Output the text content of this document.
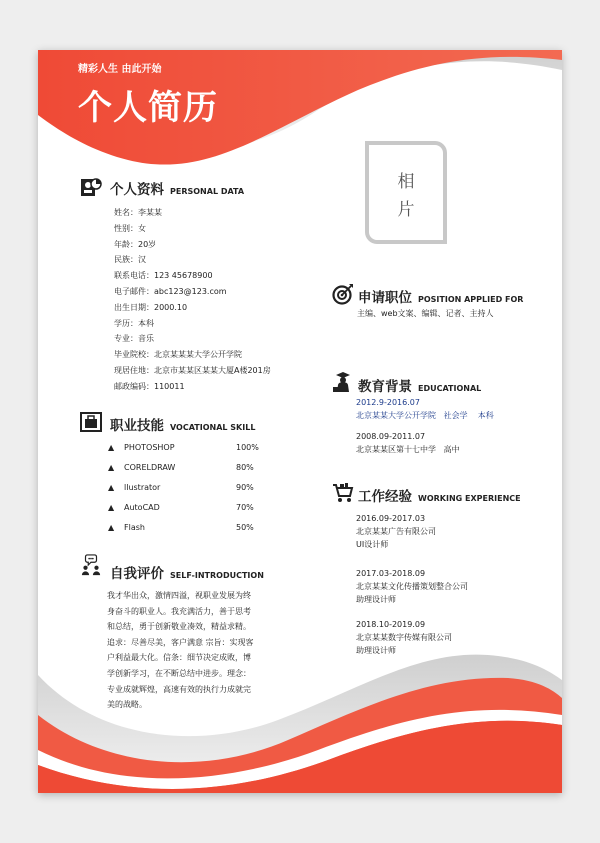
精彩人生 由此开始
个人简历
相
片
个人资料 PERSONAL DATA
姓名：李某某
性别：女
年龄：20岁
民族：汉
联系电话：123 45678900
电子邮件：abc123@123.com
出生日期：2000.10
学历：本科
专业：音乐
毕业院校：北京某某某大学公开学院
现居住地：北京市某某区某某大厦A楼201房
邮政编码：110011
职业技能 VOCATIONAL SKILL
▲ PHOTOSHOP	100%
▲ CORELDRAW	80%
▲ llustrator	90%
▲ AutoCAD	70%
▲ Flash	50%
自我评价 SELF-INTRODUCTION
我才华出众，激情四溢，视职业发展为终
身奋斗的职业人。我充满活力，善于思考
和总结，勇于创新敬业凑效，精益求精。
追求：尽善尽美，客户满意 宗旨：实现客
户利益最大化。信条：细节决定成败，博
学创新学习，在不断总结中进步。理念：
专业成就辉煌，高速有效的执行力成就完
美的战略。
申请职位 POSITION APPLIED FOR
主编、web文案、编辑、记者、主持人
教育背景 EDUCATIONAL
2012.9-2016.07
北京某某大学公开学院   社会学    本科
2008.09-2011.07
北京某某区第十七中学   高中
工作经验 WORKING EXPERIENCE
2016.09-2017.03
北京某某广告有限公司
UI设计师
2017.03-2018.09
北京某某文化传播策划整合公司
助理设计师
2018.10-2019.09
北京某某数字传媒有限公司
助理设计师
